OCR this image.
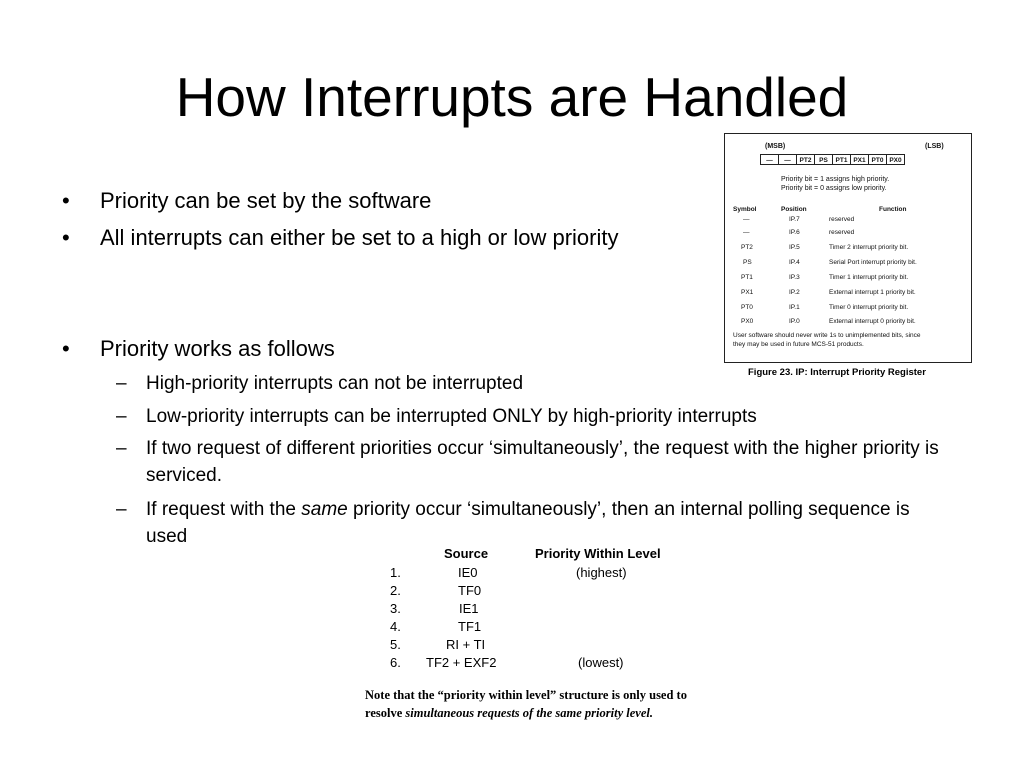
How Interrupts are Handled
•	Priority can be set by the software
•	All interrupts can either be set to a high or low priority
•	Priority works as follows
– High-priority interrupts can not be interrupted
– Low-priority interrupts can be interrupted ONLY by high-priority interrupts
– If two request of different priorities occur ‘simultaneously’, the request with the higher priority is serviced.
– If request with the same priority occur ‘simultaneously’, then an internal polling sequence is used
(MSB)	(LSB)
—	—	PT2	PS	PT1 PX1 PT0 PX0
Priority bit = 1 assigns high priority.
Priority bit = 0 assigns low priority.
Symbol	Position	Function
—	IP.7	reserved
—	IP.6	reserved
PT2	IP.5	Timer 2 interrupt priority bit.
PS	IP.4	Serial Port interrupt priority bit.
PT1	IP.3	Timer 1 interrupt priority bit.
PX1	IP.2	External interrupt 1 priority bit.
PT0	IP.1	Timer 0 interrupt priority bit.
PX0	IP.0	External interrupt 0 priority bit.
User software should never write 1s to unimplemented bits, since
they may be used in future MCS-51 products.
Figure 23. IP: Interrupt Priority Register
Source	Priority Within Level
1.	IE0	(highest)
2.	TF0
3.	IE1
4.	TF1
5.	RI + TI
6. TF2 + EXF2	(lowest)
Note that the “priority within level” structure is only used to resolve simultaneous requests of the same priority level.
